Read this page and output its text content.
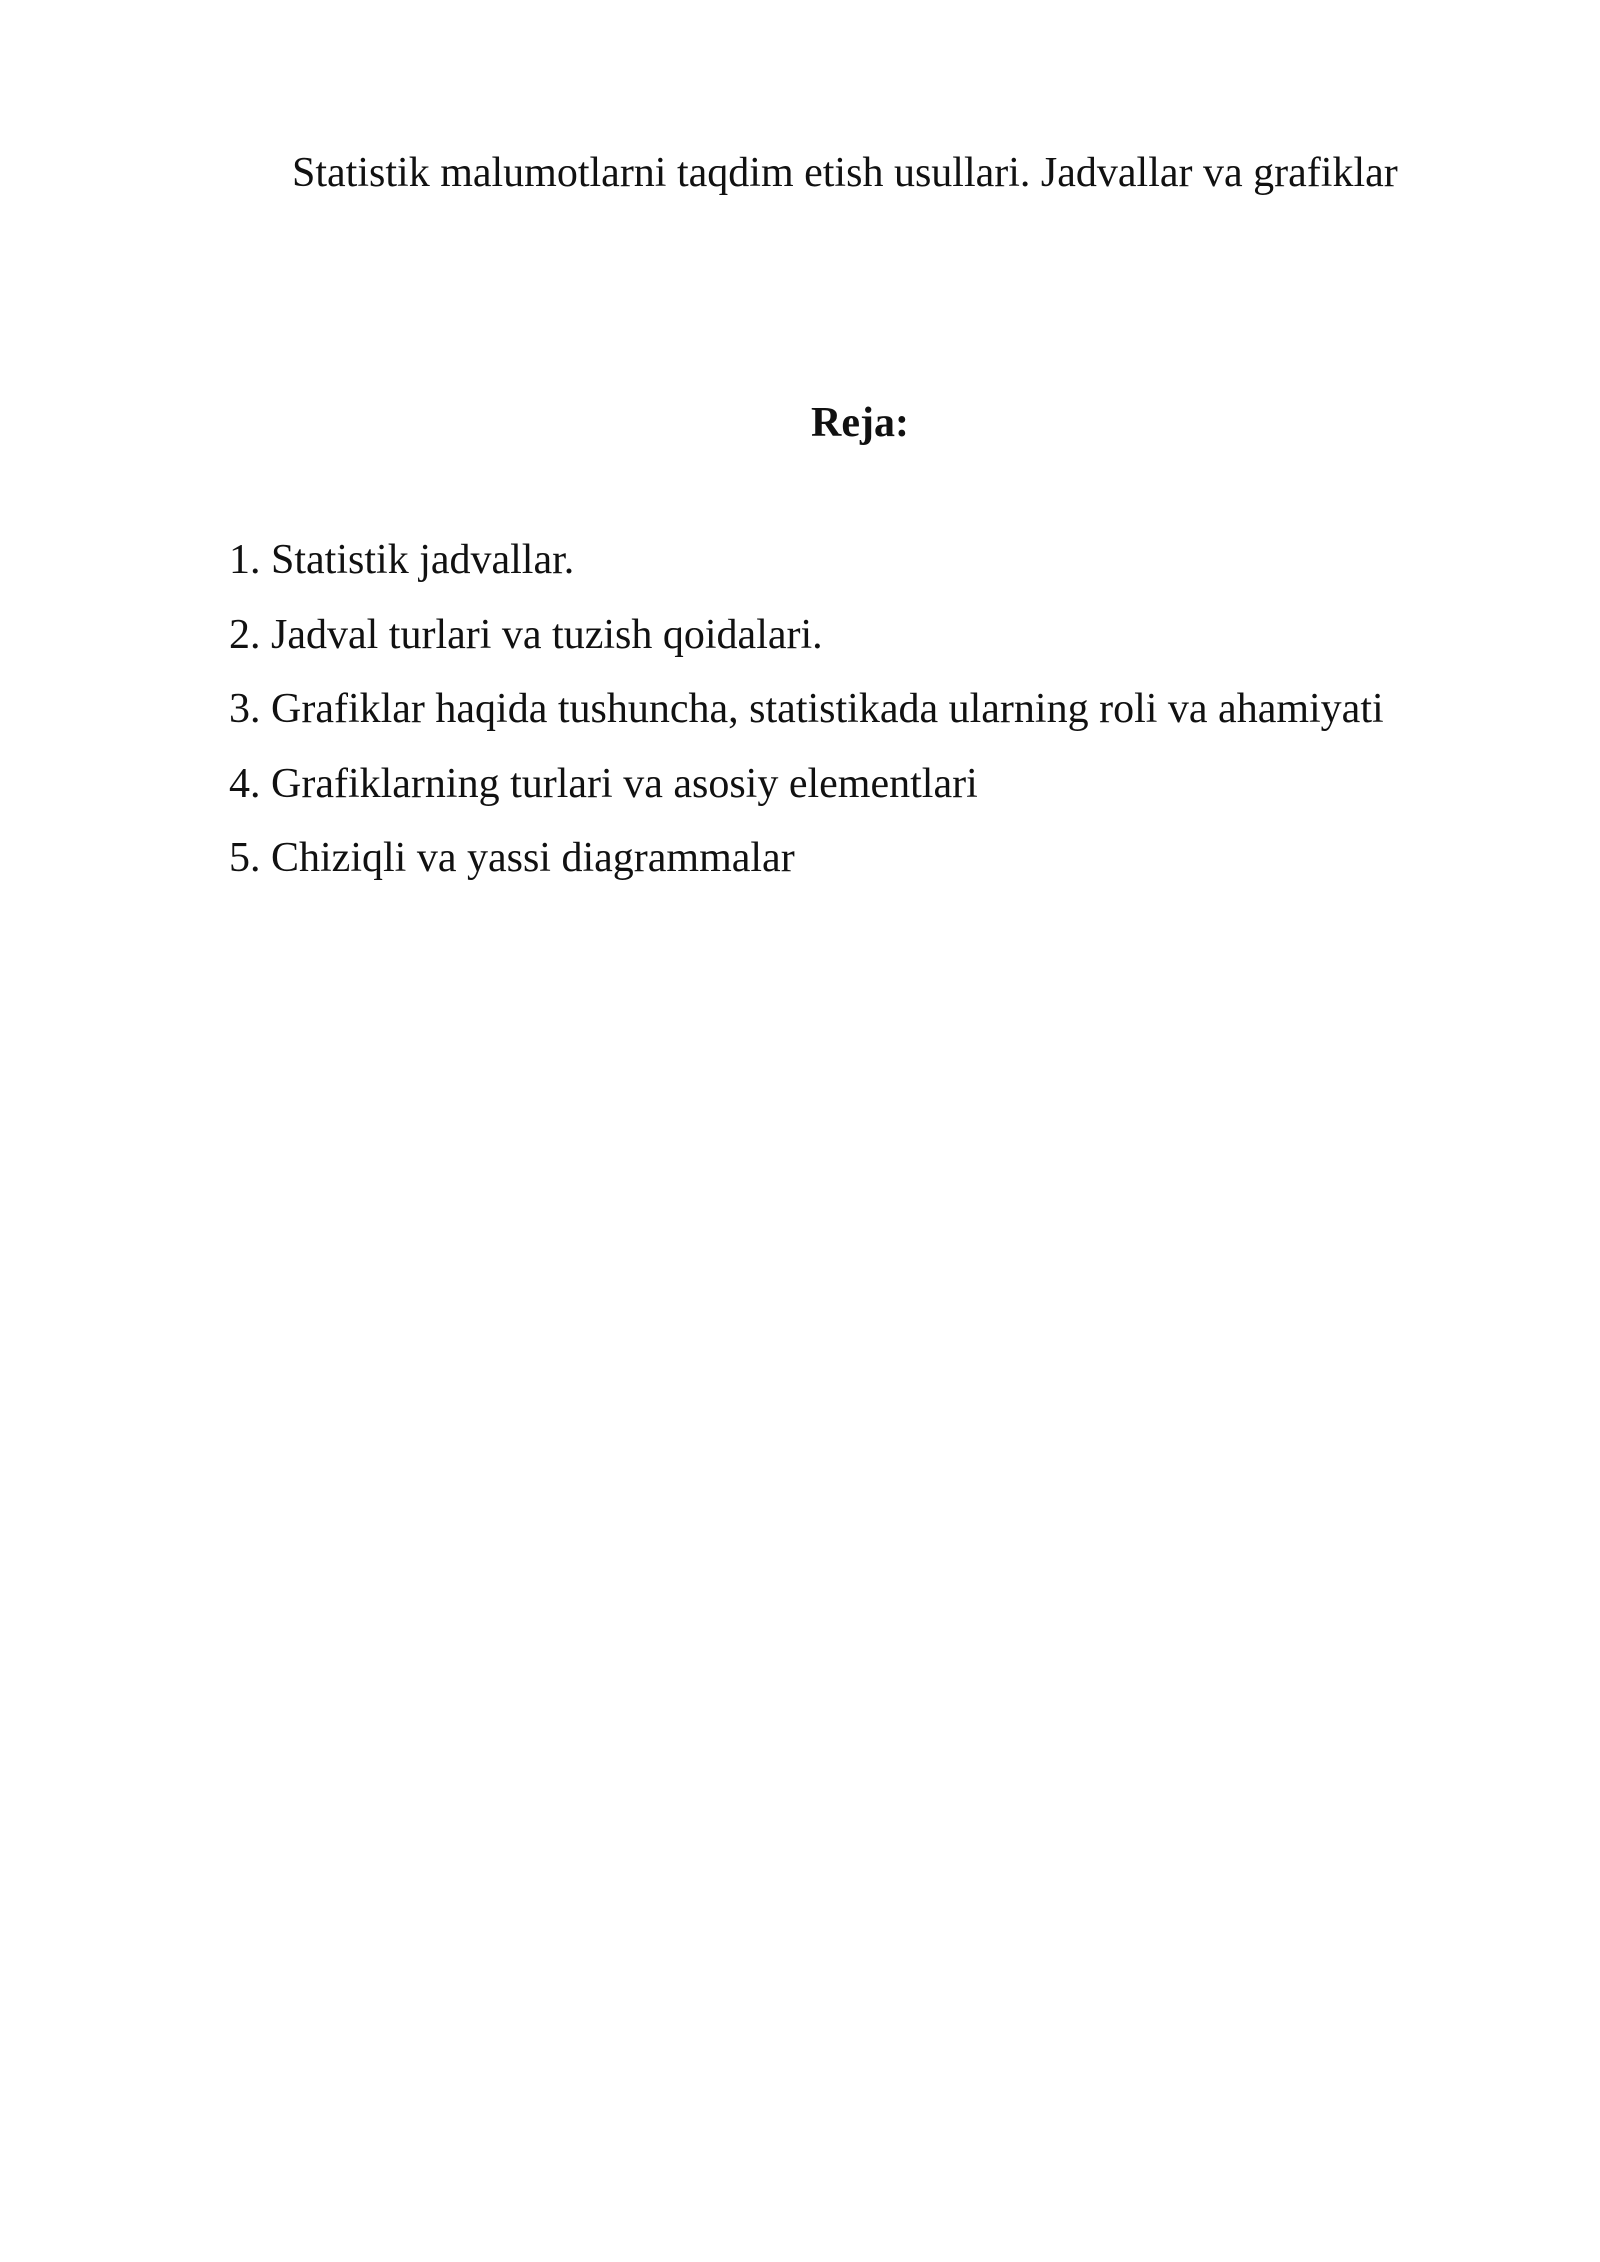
Statistik malumotlarni taqdim etish usullari. Jadvallar va grafiklar
Reja:
1. Statistik jadvallar.
2. Jadval turlari va tuzish qoidalari.
3. Grafiklar haqida tushuncha, statistikada ularning roli va ahamiyati
4. Grafiklarning turlari va asosiy elementlari
5. Chiziqli va yassi diagrammalar
